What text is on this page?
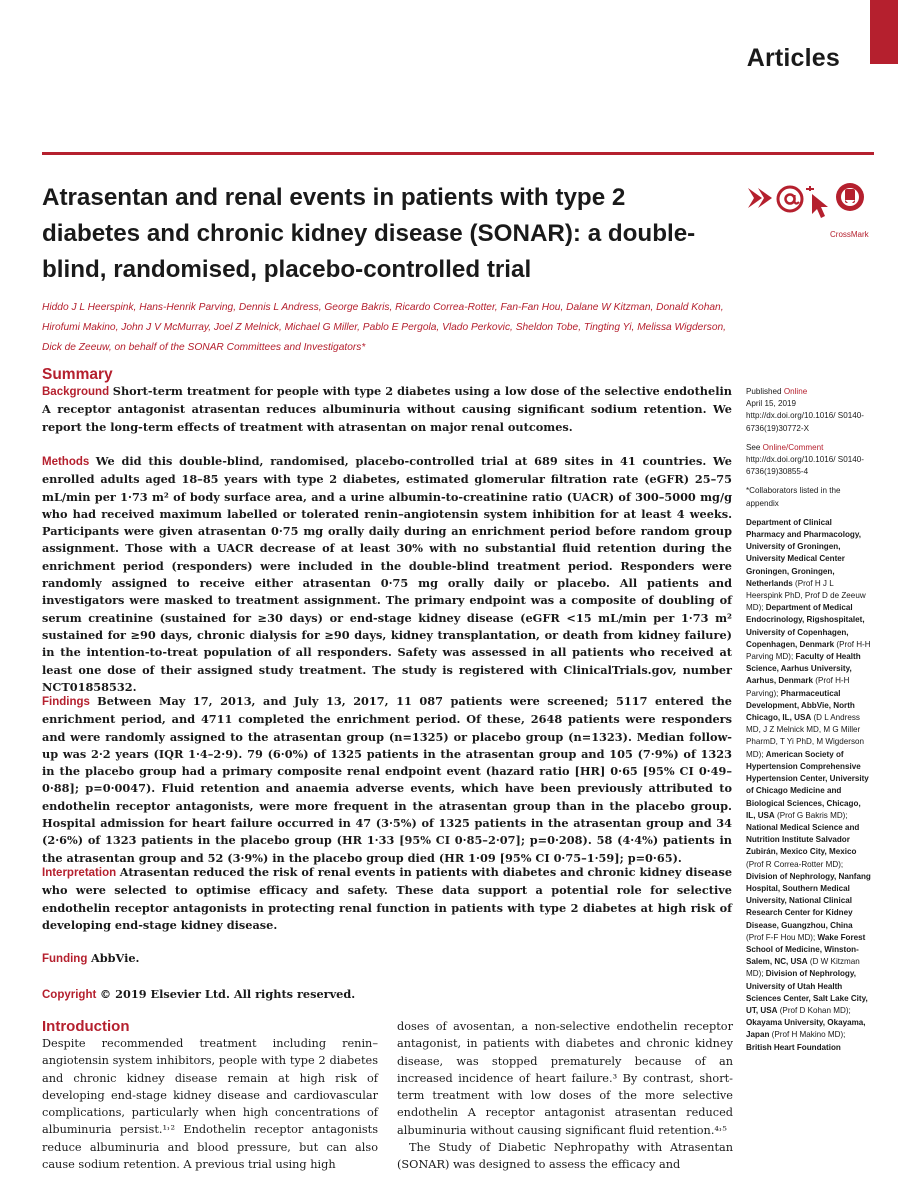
Articles
Atrasentan and renal events in patients with type 2 diabetes and chronic kidney disease (SONAR): a double-blind, randomised, placebo-controlled trial
CrossMark
Hiddo J L Heerspink, Hans-Henrik Parving, Dennis L Andress, George Bakris, Ricardo Correa-Rotter, Fan-Fan Hou, Dalane W Kitzman, Donald Kohan, Hirofumi Makino, John J V McMurray, Joel Z Melnick, Michael G Miller, Pablo E Pergola, Vlado Perkovic, Sheldon Tobe, Tingting Yi, Melissa Wigderson, Dick de Zeeuw, on behalf of the SONAR Committees and Investigators*
Summary

Background Short-term treatment for people with type 2 diabetes using a low dose of the selective endothelin A receptor antagonist atrasentan reduces albuminuria without causing significant sodium retention. We report the long-term effects of treatment with atrasentan on major renal outcomes.

Methods We did this double-blind, randomised, placebo-controlled trial at 689 sites in 41 countries. We enrolled adults aged 18–85 years with type 2 diabetes, estimated glomerular filtration rate (eGFR) 25–75 mL/min per 1·73 m² of body surface area, and a urine albumin-to-creatinine ratio (UACR) of 300–5000 mg/g who had received maximum labelled or tolerated renin–angiotensin system inhibition for at least 4 weeks. Participants were given atrasentan 0·75 mg orally daily during an enrichment period before random group assignment. Those with a UACR decrease of at least 30% with no substantial fluid retention during the enrichment period (responders) were included in the double-blind treatment period. Responders were randomly assigned to receive either atrasentan 0·75 mg orally daily or placebo. All patients and investigators were masked to treatment assignment. The primary endpoint was a composite of doubling of serum creatinine (sustained for ≥30 days) or end-stage kidney disease (eGFR <15 mL/min per 1·73 m² sustained for ≥90 days, chronic dialysis for ≥90 days, kidney transplantation, or death from kidney failure) in the intention-to-treat population of all responders. Safety was assessed in all patients who received at least one dose of their assigned study treatment. The study is registered with ClinicalTrials.gov, number NCT01858532.

Findings Between May 17, 2013, and July 13, 2017, 11 087 patients were screened; 5117 entered the enrichment period, and 4711 completed the enrichment period. Of these, 2648 patients were responders and were randomly assigned to the atrasentan group (n=1325) or placebo group (n=1323). Median follow-up was 2·2 years (IQR 1·4–2·9). 79 (6·0%) of 1325 patients in the atrasentan group and 105 (7·9%) of 1323 in the placebo group had a primary composite renal endpoint event (hazard ratio [HR] 0·65 [95% CI 0·49–0·88]; p=0·0047). Fluid retention and anaemia adverse events, which have been previously attributed to endothelin receptor antagonists, were more frequent in the atrasentan group than in the placebo group. Hospital admission for heart failure occurred in 47 (3·5%) of 1325 patients in the atrasentan group and 34 (2·6%) of 1323 patients in the placebo group (HR 1·33 [95% CI 0·85–2·07]; p=0·208). 58 (4·4%) patients in the atrasentan group and 52 (3·9%) in the placebo group died (HR 1·09 [95% CI 0·75–1·59]; p=0·65).

Interpretation Atrasentan reduced the risk of renal events in patients with diabetes and chronic kidney disease who were selected to optimise efficacy and safety. These data support a potential role for selective endothelin receptor antagonists in protecting renal function in patients with type 2 diabetes at high risk of developing end-stage kidney disease.

Funding AbbVie.

Copyright © 2019 Elsevier Ltd. All rights reserved.

Introduction

Despite recommended treatment including renin–angiotensin system inhibitors, people with type 2 diabetes and chronic kidney disease remain at high risk of developing end-stage kidney disease and cardiovascular complications, particularly when high concentrations of albuminuria persist.¹˒² Endothelin receptor antagonists reduce albuminuria and blood pressure, but can also cause sodium retention. A previous trial using high

doses of avosentan, a non-selective endothelin receptor antagonist, in patients with diabetes and chronic kidney disease, was stopped prematurely because of an increased incidence of heart failure.³ By contrast, short-term treatment with low doses of the more selective endothelin A receptor antagonist atrasentan reduced albuminuria without causing significant fluid retention.⁴˒⁵
The Study of Diabetic Nephropathy with Atrasentan (SONAR) was designed to assess the efficacy and

Published Online
April 15, 2019
http://dx.doi.org/10.1016/ S0140-6736(19)30772-X
See Online/Comment
http://dx.doi.org/10.1016/ S0140-6736(19)30855-4
*Collaborators listed in the appendix
Department of Clinical Pharmacy and Pharmacology, University of Groningen, University Medical Center Groningen, Groningen, Netherlands (Prof H J L Heerspink PhD, Prof D de Zeeuw MD); Department of Medical Endocrinology, Rigshospitalet, University of Copenhagen, Copenhagen, Denmark (Prof H-H Parving MD); Faculty of Health Science, Aarhus University, Aarhus, Denmark (Prof H-H Parving); Pharmaceutical Development, AbbVie, North Chicago, IL, USA (D L Andress MD, J Z Melnick MD, M G Miller PharmD, T Yi PhD, M Wigderson MD); American Society of Hypertension Comprehensive Hypertension Center, University of Chicago Medicine and Biological Sciences, Chicago, IL, USA (Prof G Bakris MD); National Medical Science and Nutrition Institute Salvador Zubirán, Mexico City, Mexico (Prof R Correa-Rotter MD); Division of Nephrology, Nanfang Hospital, Southern Medical University, National Clinical Research Center for Kidney Disease, Guangzhou, China (Prof F-F Hou MD); Wake Forest School of Medicine, Winston-Salem, NC, USA (D W Kitzman MD); Division of Nephrology, University of Utah Health Sciences Center, Salt Lake City, UT, USA (Prof D Kohan MD); Okayama University, Okayama, Japan (Prof H Makino MD); British Heart Foundation
